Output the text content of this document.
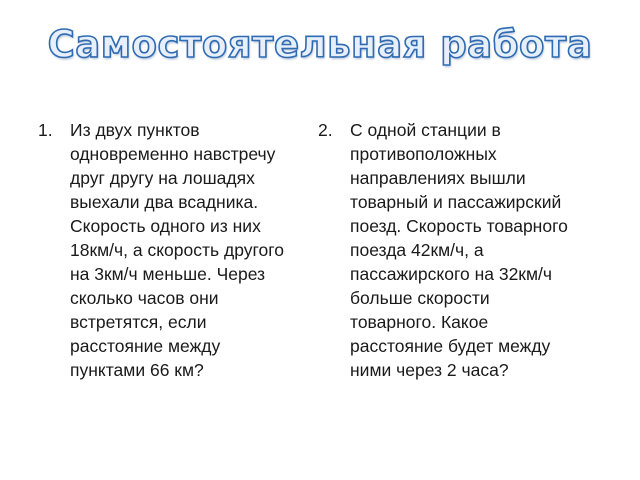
Самостоятельная работа
1. Из двух пунктов
одновременно навстречу
друг другу на лошадях
выехали два всадника.
Скорость одного из них
18км/ч, а скорость другого
на 3км/ч меньше. Через
сколько часов они
встретятся, если
расстояние между
пунктами 66 км?
2. С одной станции в
противоположных
направлениях вышли
товарный и пассажирский
поезд. Скорость товарного
поезда 42км/ч, а
пассажирского на 32км/ч
больше скорости
товарного. Какое
расстояние будет между
ними через 2 часа?
